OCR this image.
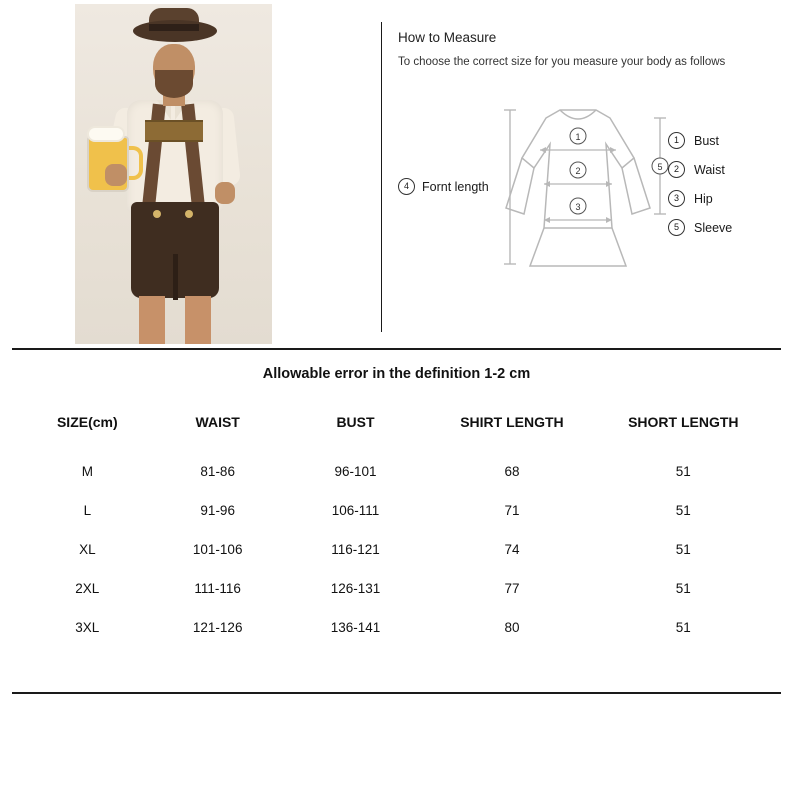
How to Measure

To choose the correct size for you measure your body as follows

1
2
3
5
4	Fornt length
1	Bust
2	Waist
3	Hip
5	Sleeve

Allowable error in the definition 1-2 cm

SIZE(cm)	WAIST	BUST	SHIRT LENGTH	SHORT LENGTH
M	81-86	96-101	68	51
L	91-96	106-111	71	51
XL	101-106	116-121	74	51
2XL	111-116	126-131	77	51
3XL	121-126	136-141	80	51
